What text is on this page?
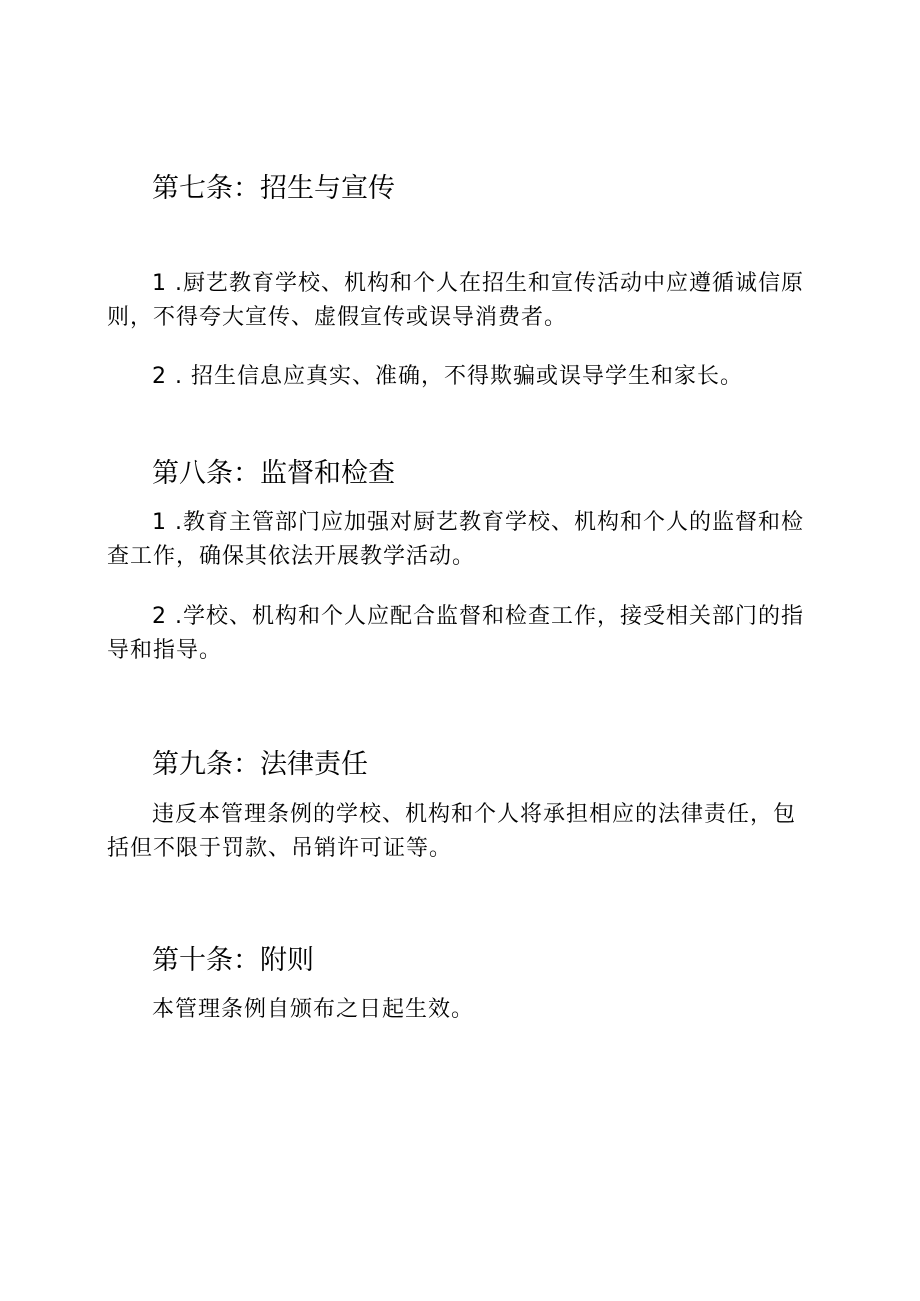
第七条：招生与宣传

1 .厨艺教育学校、机构和个人在招生和宣传活动中应遵循诚信原则，不得夸大宣传、虚假宣传或误导消费者。

2 . 招生信息应真实、准确，不得欺骗或误导学生和家长。

第八条：监督和检查

1 .教育主管部门应加强对厨艺教育学校、机构和个人的监督和检查工作，确保其依法开展教学活动。

2 .学校、机构和个人应配合监督和检查工作，接受相关部门的指导和指导。

第九条：法律责任

违反本管理条例的学校、机构和个人将承担相应的法律责任，包括但不限于罚款、吊销许可证等。

第十条：附则

本管理条例自颁布之日起生效。
